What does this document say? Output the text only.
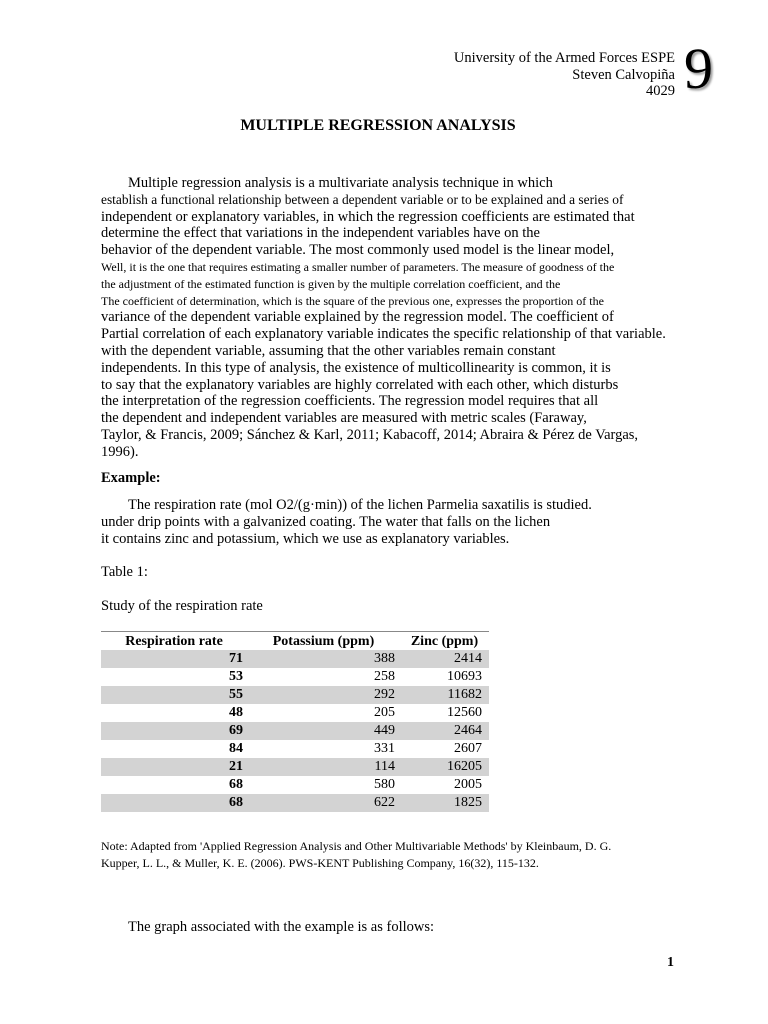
University of the Armed Forces ESPE
Steven Calvopiña
4029 9
MULTIPLE REGRESSION ANALYSIS
Multiple regression analysis is a multivariate analysis technique in which
establish a functional relationship between a dependent variable or to be explained and a series of
independent or explanatory variables, in which the regression coefficients are estimated that
determine the effect that variations in the independent variables have on the
behavior of the dependent variable. The most commonly used model is the linear model,
Well, it is the one that requires estimating a smaller number of parameters. The measure of goodness of the
the adjustment of the estimated function is given by the multiple correlation coefficient, and the
The coefficient of determination, which is the square of the previous one, expresses the proportion of the
variance of the dependent variable explained by the regression model. The coefficient of
Partial correlation of each explanatory variable indicates the specific relationship of that variable.
with the dependent variable, assuming that the other variables remain constant
independents. In this type of analysis, the existence of multicollinearity is common, it is
to say that the explanatory variables are highly correlated with each other, which disturbs
the interpretation of the regression coefficients. The regression model requires that all
the dependent and independent variables are measured with metric scales (Faraway,
Taylor, & Francis, 2009; Sánchez & Karl, 2011; Kabacoff, 2014; Abraira & Pérez de Vargas,
1996).
Example:
The respiration rate (mol O2/(g·min)) of the lichen Parmelia saxatilis is studied.
under drip points with a galvanized coating. The water that falls on the lichen
it contains zinc and potassium, which we use as explanatory variables.
Table 1:
Study of the respiration rate
Respiration rate	Potassium (ppm)	Zinc (ppm)
71	388	2414
53	258	10693
55	292	11682
48	205	12560
69	449	2464
84	331	2607
21	114	16205
68	580	2005
68	622	1825
Note: Adapted from 'Applied Regression Analysis and Other Multivariable Methods' by Kleinbaum, D. G.
Kupper, L. L., & Muller, K. E. (2006). PWS-KENT Publishing Company, 16(32), 115-132.
The graph associated with the example is as follows:
1
